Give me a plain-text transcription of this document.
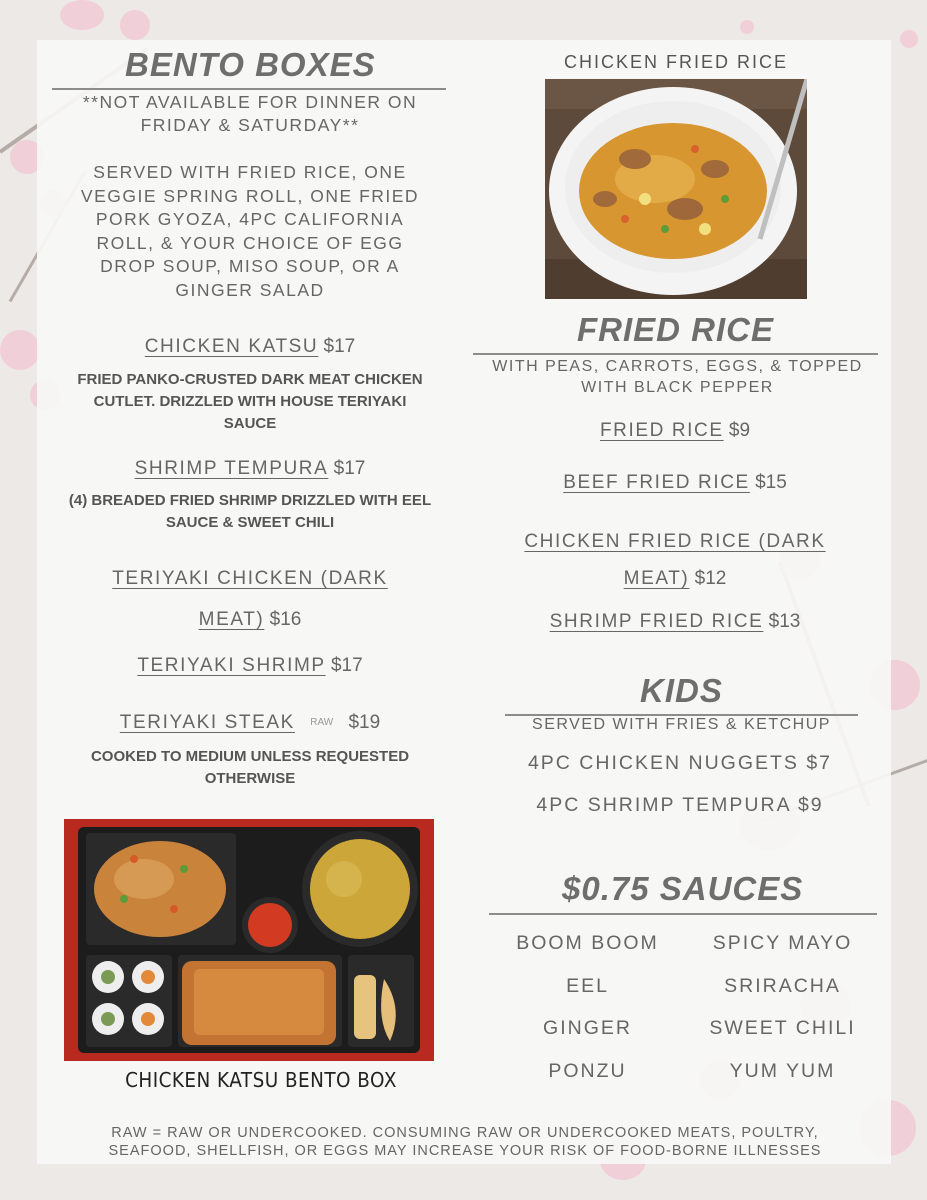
BENTO BOXES
**NOT AVAILABLE FOR DINNER ON FRIDAY & SATURDAY**
SERVED WITH FRIED RICE, ONE VEGGIE SPRING ROLL, ONE FRIED PORK GYOZA, 4PC CALIFORNIA ROLL, & YOUR CHOICE OF EGG DROP SOUP, MISO SOUP, OR A GINGER SALAD
CHICKEN KATSU $17
FRIED PANKO-CRUSTED DARK MEAT CHICKEN CUTLET. DRIZZLED WITH HOUSE TERIYAKI SAUCE
SHRIMP TEMPURA $17
(4) BREADED FRIED SHRIMP DRIZZLED WITH EEL SAUCE & SWEET CHILI
TERIYAKI CHICKEN (DARK
MEAT) $16
TERIYAKI SHRIMP $17
TERIYAKI STEAK RAW $19
COOKED TO MEDIUM UNLESS REQUESTED OTHERWISE
CHICKEN KATSU BENTO BOX
CHICKEN FRIED RICE
FRIED RICE
WITH PEAS, CARROTS, EGGS, & TOPPED WITH BLACK PEPPER
FRIED RICE $9
BEEF FRIED RICE $15
CHICKEN FRIED RICE (DARK
MEAT) $12
SHRIMP FRIED RICE $13
KIDS
SERVED WITH FRIES & KETCHUP
4PC CHICKEN NUGGETS $7
4PC SHRIMP TEMPURA $9
$0.75 SAUCES
BOOM BOOM
EEL
GINGER
PONZU
SPICY MAYO
SRIRACHA
SWEET CHILI
YUM YUM
RAW = RAW OR UNDERCOOKED. CONSUMING RAW OR UNDERCOOKED MEATS, POULTRY, SEAFOOD, SHELLFISH, OR EGGS MAY INCREASE YOUR RISK OF FOOD-BORNE ILLNESSES
